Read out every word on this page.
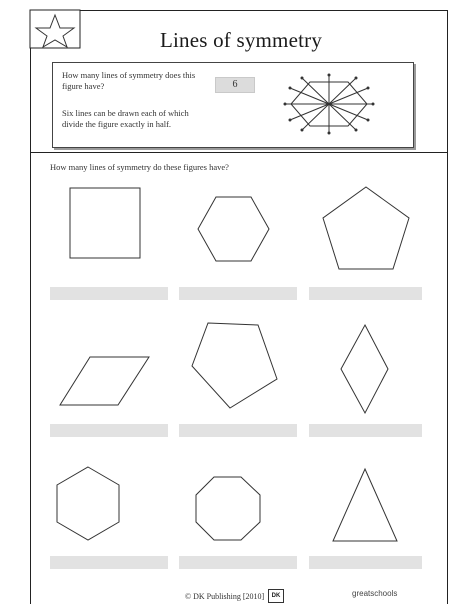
Lines of symmetry
How many lines of symmetry does this figure have?	6
Six lines can be drawn each of which divide the figure exactly in half.
How many lines of symmetry do these figures have?
© DK Publishing [2010]	DK	greatschools
